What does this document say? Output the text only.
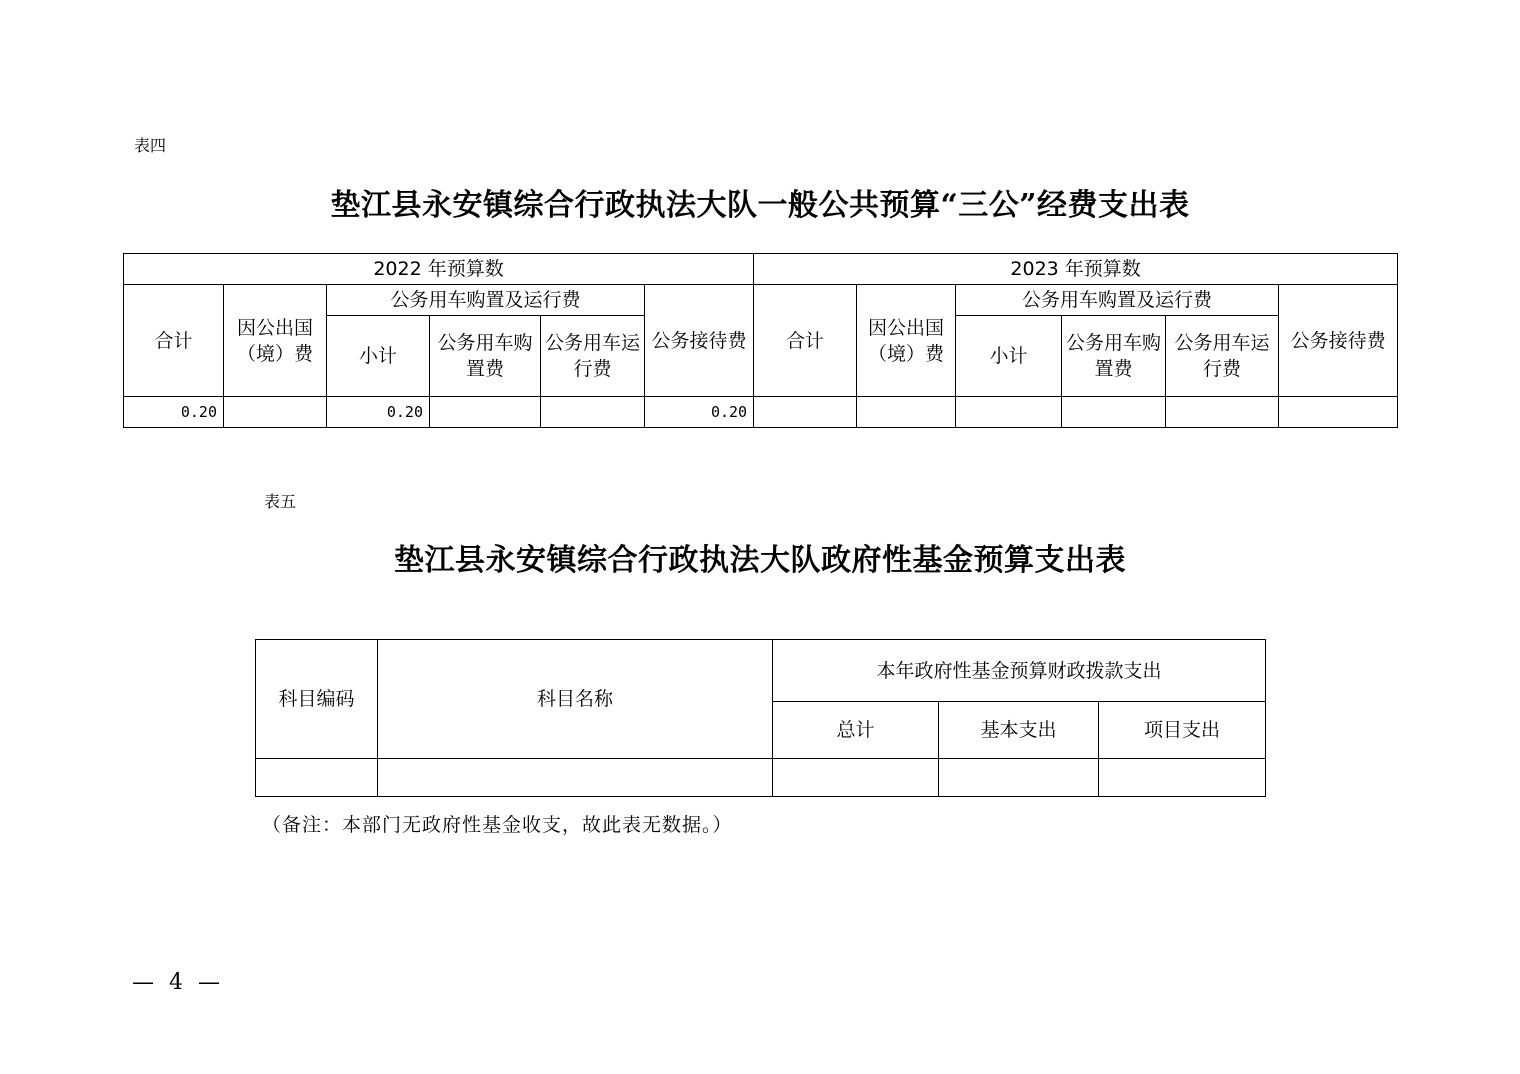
表四
垫江县永安镇综合行政执法大队一般公共预算“三公”经费支出表
2022 年预算数						2023 年预算数					
合计	因公出国（境）费	公务用车购置及运行费			公务接待费	合计	因公出国（境）费	公务用车购置及运行费			公务接待费
		小计	公务用车购置费	公务用车运行费				小计	公务用车购置费	公务用车运行费	
0.20		0.20			0.20						
表五
垫江县永安镇综合行政执法大队政府性基金预算支出表
科目编码	科目名称	本年政府性基金预算财政拨款支出		
		总计	基本支出	项目支出

（备注：本部门无政府性基金收支，故此表无数据。）
— 4 —
